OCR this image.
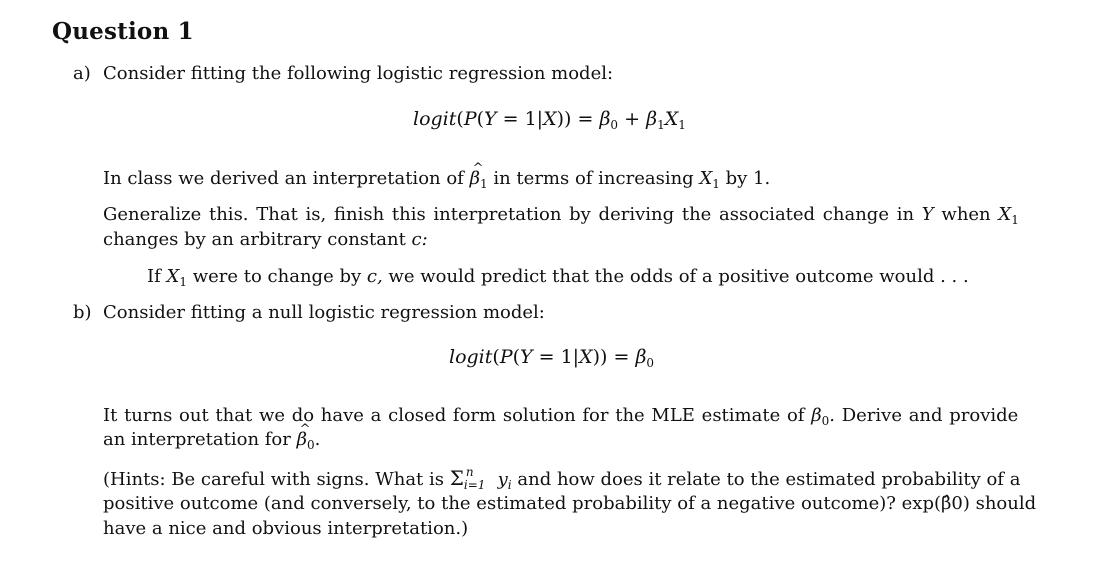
Question 1
a) Consider fitting the following logistic regression model:
logit(P(Y = $1|X)) = \beta_0 + \beta_1X_1$
In class we derived an interpretation of ^ $\beta_1$ in terms of increasing $X_1$ by 1.
Generalize this. That is, finish this interpretation by deriving the associated change in Y when $X_1$
changes by an arbitrary constant c:
If $X_1$ were to change by c, we would predict that the odds of a positive outcome would . . .
b) Consider fitting a null logistic regression model:
logit(P(Y = $1|X)) = \beta_0$
It turns out that we do have a closed form solution for the MLE estimate of $\beta_0$. Derive and provide
an interpretation for ^ $\beta_0$.
(Hints: Be careful with signs. What is Σ n
i=1 $y_i$ and how does it relate to the estimated probability of a
positive outcome (and conversely, to the estimated probability of a negative outcome)? exp(β̂0) should
have a nice and obvious interpretation.)
